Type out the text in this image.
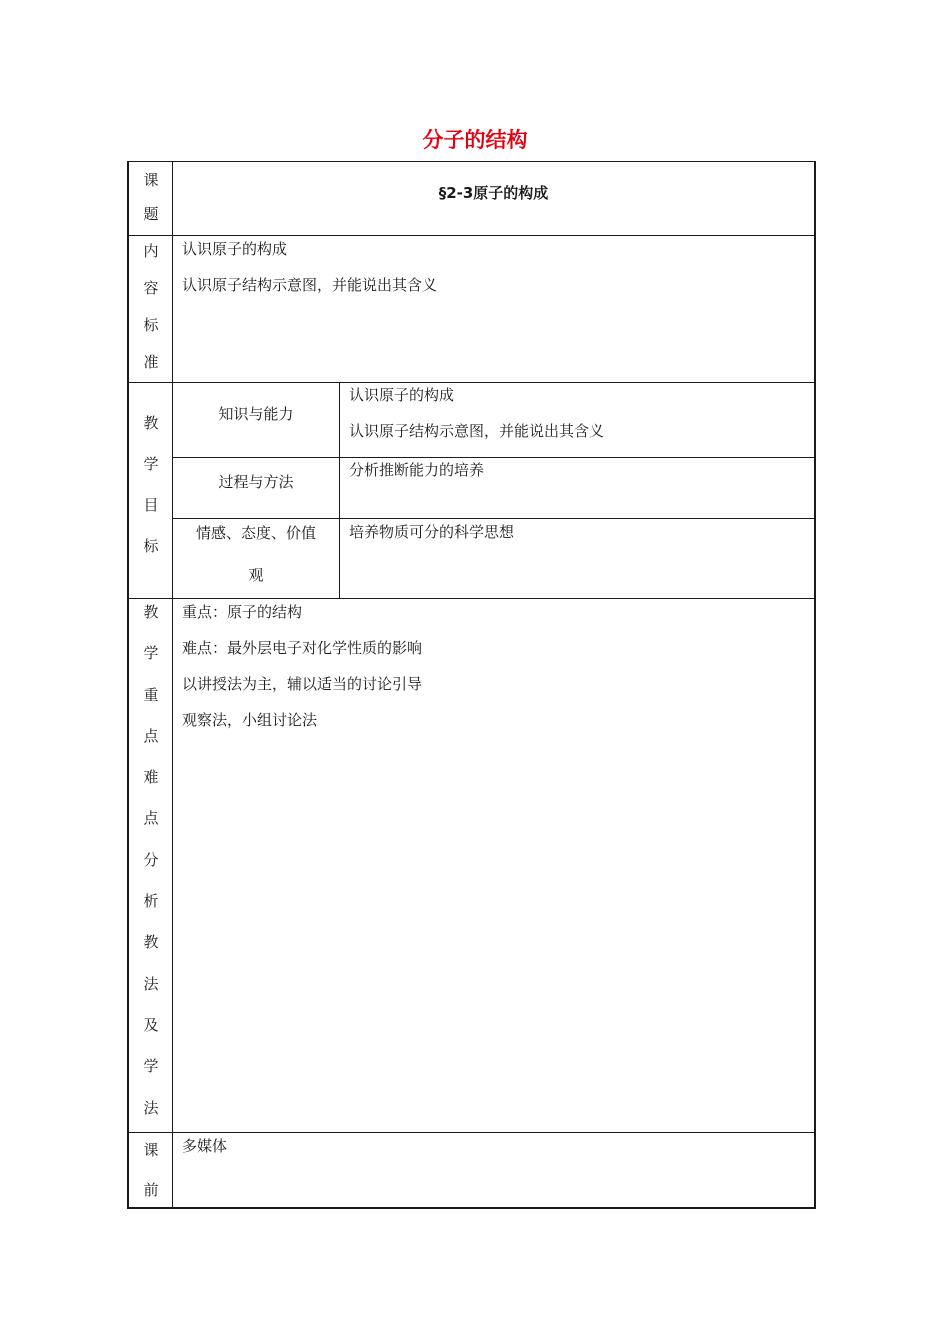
分子的结构
课
题
§2-3原子的构成
内
容
标
准
认识原子的构成
认识原子结构示意图，并能说出其含义
教
学
目
标
知识与能力
认识原子的构成
认识原子结构示意图，并能说出其含义
过程与方法
分析推断能力的培养
情感、态度、价值
观
培养物质可分的科学思想
教
学
重
点
难
点
分
析
教
法
及
学
法
重点：原子的结构
难点：最外层电子对化学性质的影响
以讲授法为主，辅以适当的讨论引导
观察法，小组讨论法
课
前
多媒体
